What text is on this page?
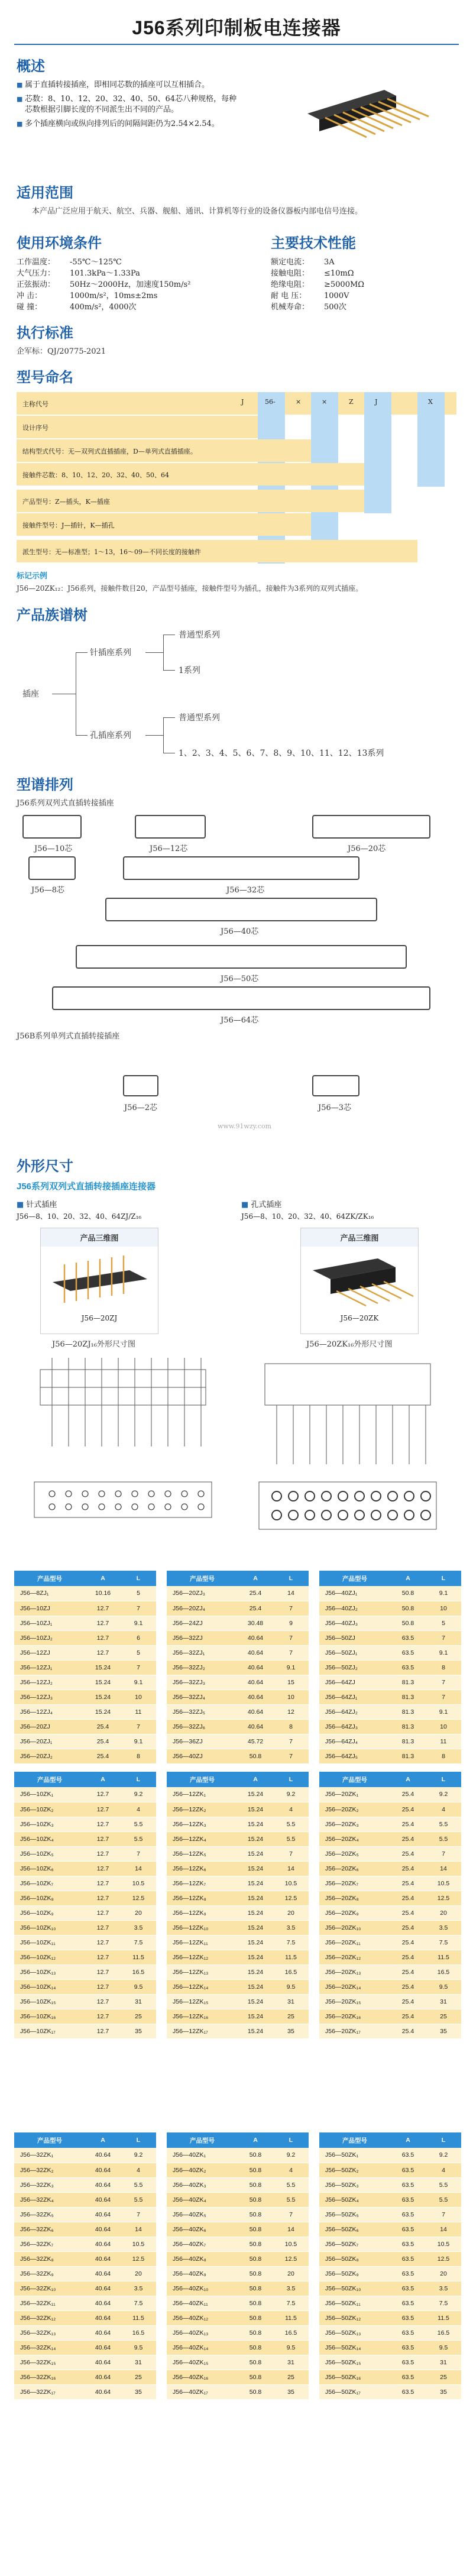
J56系列印制板电连接器
概述
■ 属于直插转接插座，即相同芯数的插座可以互相插合。
■ 芯数：8、10、12、20、32、40、50、64芯八种规格，每种芯数根据引脚长度的不同派生出不同的产品。
■ 多个插座横向或纵向排列后的间隔间距仍为2.54×2.54。
适用范围
本产品广泛应用于航天、航空、兵器、舰船、通讯、计算机等行业的设备仪器板内部电信号连接。
使用环境条件
工作温度： -55℃～125℃
大气压力： 101.3kPa～1.33Pa
正弦振动： 50Hz～2000Hz，加速度150m/s²
冲 击：	1000m/s²，10ms±2ms
碰 撞：	400m/s²，4000次
主要技术性能
额定电流： 3A
接触电阻： ≤10mΩ
绝缘电阻： ≥5000MΩ
耐 电 压： 1000V
机械寿命： 500次
执行标准
企军标：QJ/20775-2021
型号命名
J	56-	×	×	Z	J	X
主称代号
设计序号
结构型式代号：无—双列式直插插座，D—单列式直插插座。
接触件芯数：8、10、12、20、32、40、50、64
产品型号：Z—插头，K—插座
接触件型号：J—插针，K—插孔
派生型号：无—标准型；1～13，16～09—不同长度的接触件
标记示例
J56—20ZK₁₂：J56系列，接触件数目20，产品型号插座，接触件型号为插孔，接触件为3系列的双列式插座。
产品族谱树
插座
针插座系列
孔插座系列
普通型系列
1系列
普通型系列
1、2、3、4、5、6、7、8、9、10、11、12、13系列
型谱排列
J56系列双列式直插转接插座
J56—10芯	J56—12芯	J56—20芯
J56—8芯	J56—32芯
J56—40芯
J56—50芯
J56—64芯
J56B系列单列式直插转接插座
J56—2芯	J56—3芯
www.91wzy.com
外形尺寸
J56系列双列式直插转接插座连接器
■ 针式插座
J56—8、10、20、32、40、64ZJ/Z₁₆
■ 孔式插座
J56—8、10、20、32、40、64ZK/ZK₁₆
产品三维图
J56—20ZJ
产品三维图
J56—20ZK
J56—20ZJ₁₆外形尺寸图	J56—20ZK₁₆外形尺寸图
产品型号	A	L
J56—8ZJ₁	10.16	5
J56—10ZJ	12.7	7
J56—10ZJ₁	12.7	9.1
J56—10ZJ₂	12.7	6
J56—12ZJ	12.7	5
J56—12ZJ₁	15.24	7
J56—12ZJ₂	15.24	9.1
J56—12ZJ₃	15.24	10
J56—12ZJ₄	15.24	11
J56—20ZJ	25.4	7
J56—20ZJ₁	25.4	9.1
J56—20ZJ₂	25.4	8
产品型号	A	L
J56—20ZJ₃	25.4	14
J56—20ZJ₄	25.4	7
J56—24ZJ	30.48	9
J56—32ZJ	40.64	7
J56—32ZJ₁	40.64	7
J56—32ZJ₂	40.64	9.1
J56—32ZJ₃	40.64	15
J56—32ZJ₄	40.64	10
J56—32ZJ₅	40.64	12
J56—32ZJ₆	40.64	8
J56—36ZJ	45.72	7
J56—40ZJ	50.8	7
产品型号	A	L
J56—40ZJ₁	50.8	9.1
J56—40ZJ₂	50.8	10
J56—40ZJ₃	50.8	5
J56—50ZJ	63.5	7
J56—50ZJ₁	63.5	9.1
J56—50ZJ₂	63.5	8
J56—64ZJ	81.3	7
J56—64ZJ₁	81.3	7
J56—64ZJ₂	81.3	9.1
J56—64ZJ₃	81.3	10
J56—64ZJ₄	81.3	11
J56—64ZJ₅	81.3	8
产品型号	A	L
J56—10ZK₁	12.7	9.2
J56—10ZK₂	12.7	4
J56—10ZK₃	12.7	5.5
J56—10ZK₄	12.7	5.5
J56—10ZK₅	12.7	7
J56—10ZK₆	12.7	14
J56—10ZK₇	12.7	10.5
J56—10ZK₈	12.7	12.5
J56—10ZK₉	12.7	20
J56—10ZK₁₀	12.7	3.5
J56—10ZK₁₁	12.7	7.5
J56—10ZK₁₂	12.7	11.5
J56—10ZK₁₃	12.7	16.5
J56—10ZK₁₄	12.7	9.5
J56—10ZK₁₅	12.7	31
J56—10ZK₁₆	12.7	25
J56—10ZK₁₇	12.7	35
产品型号	A	L
J56—12ZK₁	15.24	9.2
J56—12ZK₂	15.24	4
J56—12ZK₃	15.24	5.5
J56—12ZK₄	15.24	5.5
J56—12ZK₅	15.24	7
J56—12ZK₆	15.24	14
J56—12ZK₇	15.24	10.5
J56—12ZK₈	15.24	12.5
J56—12ZK₉	15.24	20
J56—12ZK₁₀	15.24	3.5
J56—12ZK₁₁	15.24	7.5
J56—12ZK₁₂	15.24	11.5
J56—12ZK₁₃	15.24	16.5
J56—12ZK₁₄	15.24	9.5
J56—12ZK₁₅	15.24	31
J56—12ZK₁₆	15.24	25
J56—12ZK₁₇	15.24	35
产品型号	A	L
J56—20ZK₁	25.4	9.2
J56—20ZK₂	25.4	4
J56—20ZK₃	25.4	5.5
J56—20ZK₄	25.4	5.5
J56—20ZK₅	25.4	7
J56—20ZK₆	25.4	14
J56—20ZK₇	25.4	10.5
J56—20ZK₈	25.4	12.5
J56—20ZK₉	25.4	20
J56—20ZK₁₀	25.4	3.5
J56—20ZK₁₁	25.4	7.5
J56—20ZK₁₂	25.4	11.5
J56—20ZK₁₃	25.4	16.5
J56—20ZK₁₄	25.4	9.5
J56—20ZK₁₅	25.4	31
J56—20ZK₁₆	25.4	25
J56—20ZK₁₇	25.4	35
产品型号	A	L
J56—32ZK₁	40.64	9.2
J56—32ZK₂	40.64	4
J56—32ZK₃	40.64	5.5
J56—32ZK₄	40.64	5.5
J56—32ZK₅	40.64	7
J56—32ZK₆	40.64	14
J56—32ZK₇	40.64	10.5
J56—32ZK₈	40.64	12.5
J56—32ZK₉	40.64	20
J56—32ZK₁₀	40.64	3.5
J56—32ZK₁₁	40.64	7.5
J56—32ZK₁₂	40.64	11.5
J56—32ZK₁₃	40.64	16.5
J56—32ZK₁₄	40.64	9.5
J56—32ZK₁₅	40.64	31
J56—32ZK₁₆	40.64	25
J56—32ZK₁₇	40.64	35
产品型号	A	L
J56—40ZK₁	50.8	9.2
J56—40ZK₂	50.8	4
J56—40ZK₃	50.8	5.5
J56—40ZK₄	50.8	5.5
J56—40ZK₅	50.8	7
J56—40ZK₆	50.8	14
J56—40ZK₇	50.8	10.5
J56—40ZK₈	50.8	12.5
J56—40ZK₉	50.8	20
J56—40ZK₁₀	50.8	3.5
J56—40ZK₁₁	50.8	7.5
J56—40ZK₁₂	50.8	11.5
J56—40ZK₁₃	50.8	16.5
J56—40ZK₁₄	50.8	9.5
J56—40ZK₁₅	50.8	31
J56—40ZK₁₆	50.8	25
J56—40ZK₁₇	50.8	35
产品型号	A	L
J56—50ZK₁	63.5	9.2
J56—50ZK₂	63.5	4
J56—50ZK₃	63.5	5.5
J56—50ZK₄	63.5	5.5
J56—50ZK₅	63.5	7
J56—50ZK₆	63.5	14
J56—50ZK₇	63.5	10.5
J56—50ZK₈	63.5	12.5
J56—50ZK₉	63.5	20
J56—50ZK₁₀	63.5	3.5
J56—50ZK₁₁	63.5	7.5
J56—50ZK₁₂	63.5	11.5
J56—50ZK₁₃	63.5	16.5
J56—50ZK₁₄	63.5	9.5
J56—50ZK₁₅	63.5	31
J56—50ZK₁₆	63.5	25
J56—50ZK₁₇	63.5	35
